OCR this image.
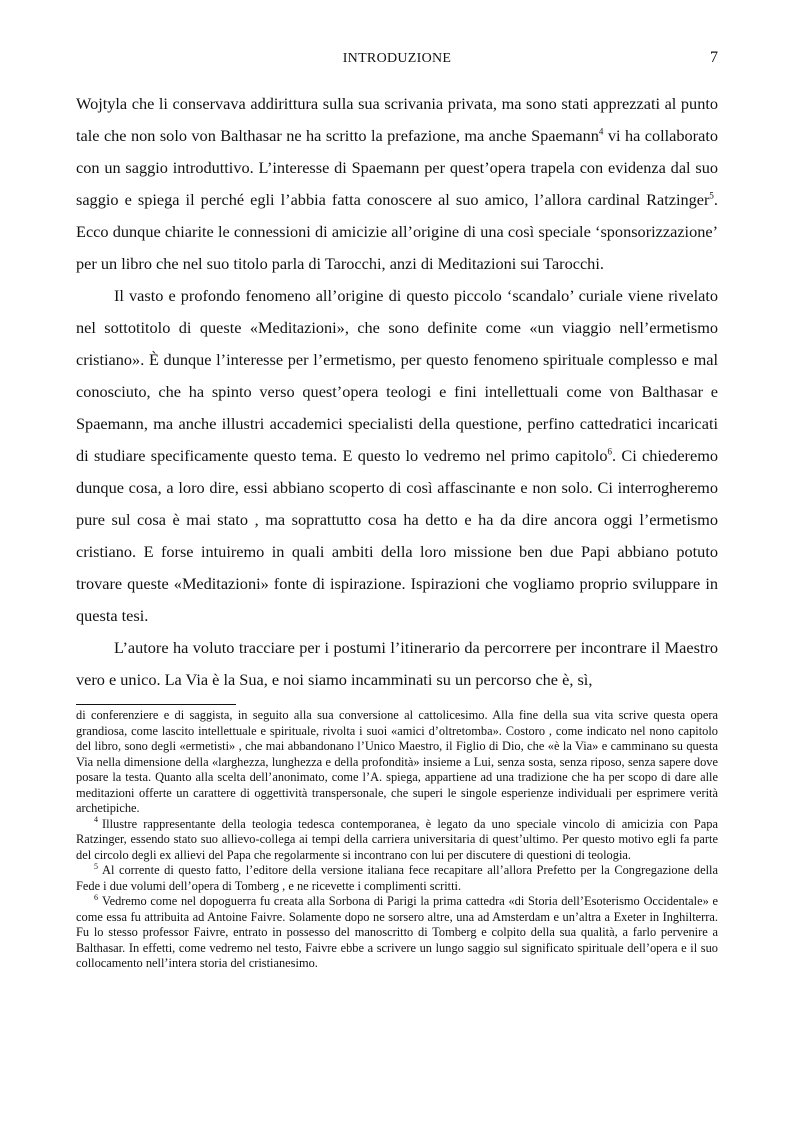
INTRODUZIONE	7

Wojtyla che li conservava addirittura sulla sua scrivania privata, ma sono stati apprezzati al punto tale che non solo von Balthasar ne ha scritto la prefazione, ma anche Spaemann$^4$ vi ha collaborato con un saggio introduttivo. L’interesse di Spaemann per quest’opera trapela con evidenza dal suo saggio e spiega il perché egli l’abbia fatta conoscere al suo amico, l’allora cardinal Ratzinger$^5$. Ecco dunque chiarite le connessioni di amicizie all’origine di una così speciale ‘sponsorizzazione’ per un libro che nel suo titolo parla di Tarocchi, anzi di Meditazioni sui Tarocchi.

Il vasto e profondo fenomeno all’origine di questo piccolo ‘scandalo’ curiale viene rivelato nel sottotitolo di queste «Meditazioni», che sono definite come «un viaggio nell’ermetismo cristiano». È dunque l’interesse per l’ermetismo, per questo fenomeno spirituale complesso e mal conosciuto, che ha spinto verso quest’opera teologi e fini intellettuali come von Balthasar e Spaemann, ma anche illustri accademici specialisti della questione, perfino cattedratici incaricati di studiare specificamente questo tema. E questo lo vedremo nel primo capitolo$^6$. Ci chiederemo dunque cosa, a loro dire, essi abbiano scoperto di così affascinante e non solo. Ci interrogheremo pure sul cosa è mai stato , ma soprattutto cosa ha detto e ha da dire ancora oggi l’ermetismo cristiano. E forse intuiremo in quali ambiti della loro missione ben due Papi abbiano potuto trovare queste «Meditazioni» fonte di ispirazione. Ispirazioni che vogliamo proprio sviluppare in questa tesi.

L’autore ha voluto tracciare per i postumi l’itinerario da percorrere per incontrare il Maestro vero e unico. La Via è la Sua, e noi siamo incamminati su un percorso che è, sì,

di conferenziere e di saggista, in seguito alla sua conversione al cattolicesimo. Alla fine della sua vita scrive questa opera grandiosa, come lascito intellettuale e spirituale, rivolta i suoi «amici d’oltretomba». Costoro , come indicato nel nono capitolo del libro, sono degli «ermetisti» , che mai abbandonano l’Unico Maestro, il Figlio di Dio, che «è la Via» e camminano su questa Via nella dimensione della «larghezza, lunghezza e della profondità» insieme a Lui, senza sosta, senza riposo, senza sapere dove posare la testa. Quanto alla scelta dell’anonimato, come l’A. spiega, appartiene ad una tradizione che ha per scopo di dare alle meditazioni offerte un carattere di oggettività transpersonale, che superi le singole esperienze individuali per esprimere verità archetipiche.

$^4$ Illustre rappresentante della teologia tedesca contemporanea, è legato da uno speciale vincolo di amicizia con Papa Ratzinger, essendo stato suo allievo-collega ai tempi della carriera universitaria di quest’ultimo. Per questo motivo egli fa parte del circolo degli ex allievi del Papa che regolarmente si incontrano con lui per discutere di questioni di teologia.

$^5$ Al corrente di questo fatto, l’editore della versione italiana fece recapitare all’allora Prefetto per la Congregazione della Fede i due volumi dell’opera di Tomberg , e ne ricevette i complimenti scritti.

$^6$ Vedremo come nel dopoguerra fu creata alla Sorbona di Parigi la prima cattedra «di Storia dell’Esoterismo Occidentale» e come essa fu attribuita ad Antoine Faivre. Solamente dopo ne sorsero altre, una ad Amsterdam e un’altra a Exeter in Inghilterra. Fu lo stesso professor Faivre, entrato in possesso del manoscritto di Tomberg e colpito della sua qualità, a farlo pervenire a Balthasar. In effetti, come vedremo nel testo, Faivre ebbe a scrivere un lungo saggio sul significato spirituale dell’opera e il suo collocamento nell’intera storia del cristianesimo.
